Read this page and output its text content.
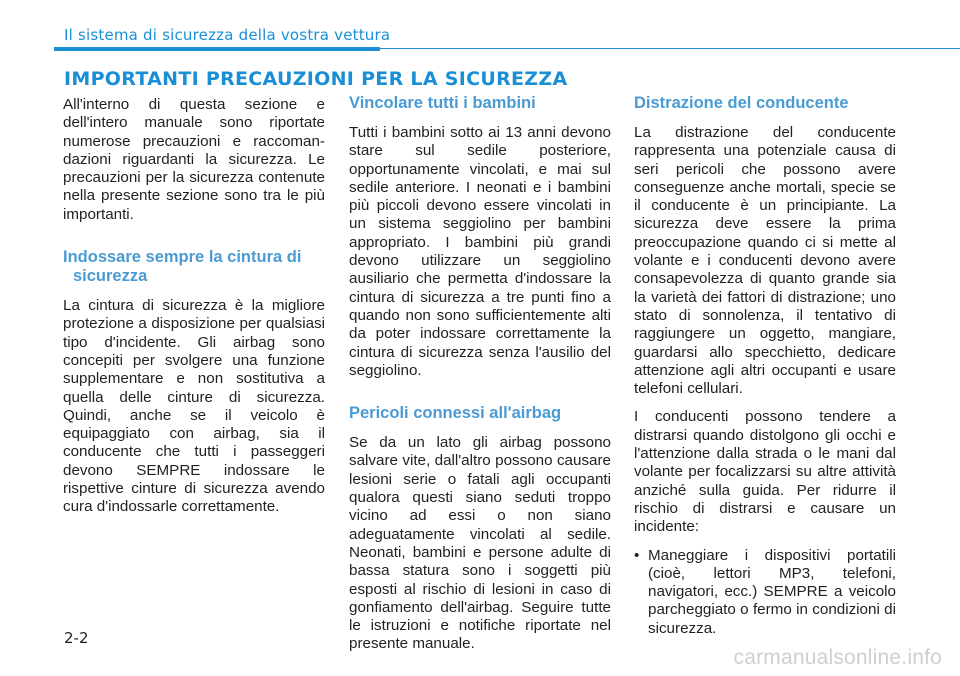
Il sistema di sicurezza della vostra vettura
IMPORTANTI PRECAUZIONI PER LA SICUREZZA

All'interno di questa sezione e dell'intero manuale sono riportate numerose precauzioni e raccoman-dazioni riguardanti la sicurezza. Le precauzioni per la sicurezza contenute nella presente sezione sono tra le più importanti.

Indossare sempre la cintura di sicurezza

La cintura di sicurezza è la migliore protezione a disposizione per qualsiasi tipo d'incidente. Gli airbag sono concepiti per svolgere una funzione supplementare e non sostitutiva a quella delle cinture di sicurezza. Quindi, anche se il veicolo è equipaggiato con airbag, sia il conducente che tutti i passeggeri devono SEMPRE indossare le rispettive cinture di sicurezza avendo cura d'indossarle correttamente.

Vincolare tutti i bambini

Tutti i bambini sotto ai 13 anni devono stare sul sedile posteriore, opportunamente vincolati, e mai sul sedile anteriore. I neonati e i bambini più piccoli devono essere vincolati in un sistema seggiolino per bambini appropriato. I bambini più grandi devono utilizzare un seggiolino ausiliario che permetta d'indossare la cintura di sicurezza a tre punti fino a quando non sono sufficientemente alti da poter indossare correttamente la cintura di sicurezza senza l'ausilio del seggiolino.

Pericoli connessi all'airbag

Se da un lato gli airbag possono salvare vite, dall'altro possono causare lesioni serie o fatali agli occupanti qualora questi siano seduti troppo vicino ad essi o non siano adeguatamente vincolati al sedile. Neonati, bambini e persone adulte di bassa statura sono i soggetti più esposti al rischio di lesioni in caso di gonfiamento dell'airbag. Seguire tutte le istruzioni e notifiche riportate nel presente manuale.

Distrazione del conducente

La distrazione del conducente rappresenta una potenziale causa di seri pericoli che possono avere conseguenze anche mortali, specie se il conducente è un principiante. La sicurezza deve essere la prima preoccupazione quando ci si mette al volante e i conducenti devono avere consapevolezza di quanto grande sia la varietà dei fattori di distrazione; uno stato di sonnolenza, il tentativo di raggiungere un oggetto, mangiare, guardarsi allo specchietto, dedicare attenzione agli altri occupanti e usare telefoni cellulari.

I conducenti possono tendere a distrarsi quando distolgono gli occhi e l'attenzione dalla strada o le mani dal volante per focalizzarsi su altre attività anziché sulla guida. Per ridurre il rischio di distrarsi e causare un incidente:

• Maneggiare i dispositivi portatili (cioè, lettori MP3, telefoni, navigatori, ecc.) SEMPRE a veicolo parcheggiato o fermo in condizioni di sicurezza.
2-2
carmanualsonline.info
